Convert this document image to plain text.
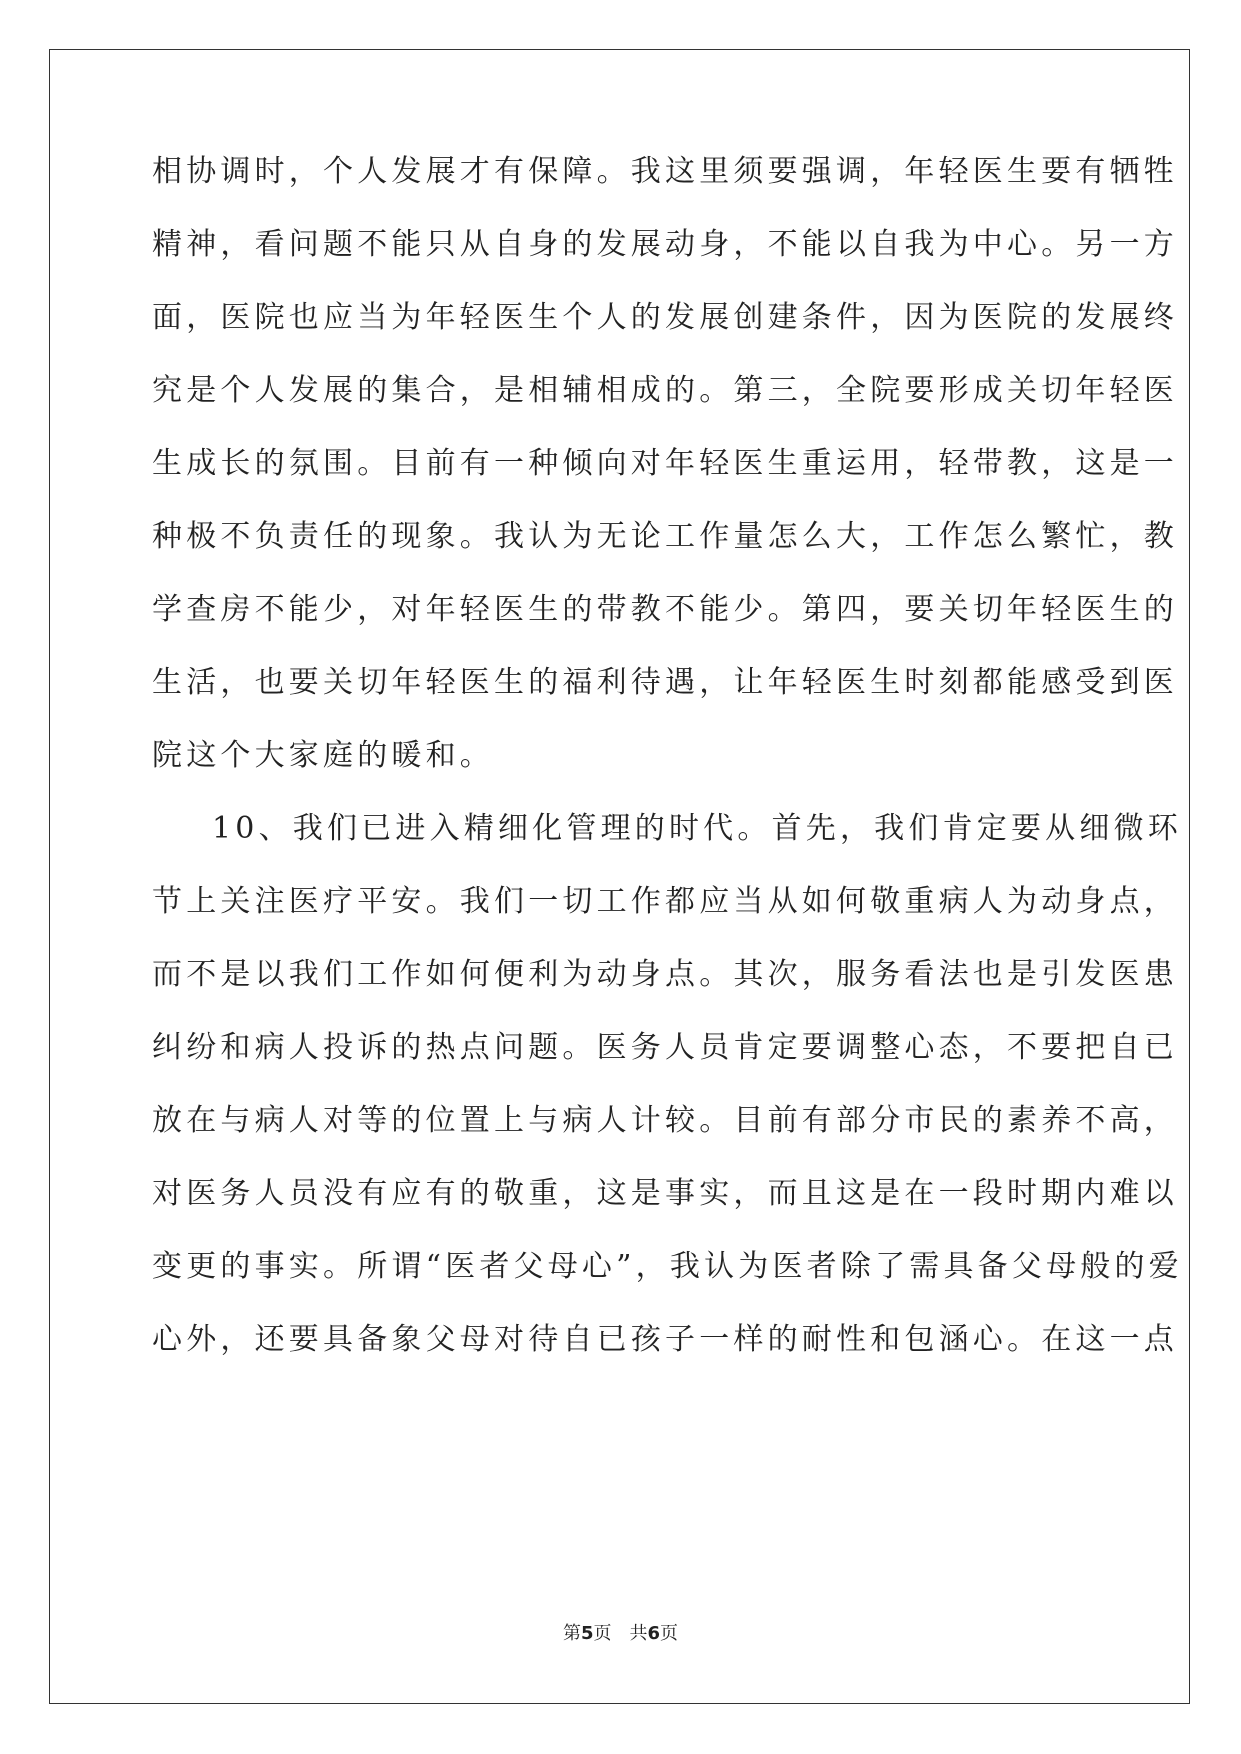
相协调时，个人发展才有保障。我这里须要强调，年轻医生要有牺牲
精神，看问题不能只从自身的发展动身，不能以自我为中心。另一方
面，医院也应当为年轻医生个人的发展创建条件，因为医院的发展终
究是个人发展的集合，是相辅相成的。第三，全院要形成关切年轻医
生成长的氛围。目前有一种倾向对年轻医生重运用，轻带教，这是一
种极不负责任的现象。我认为无论工作量怎么大，工作怎么繁忙，教
学查房不能少，对年轻医生的带教不能少。第四，要关切年轻医生的
生活，也要关切年轻医生的福利待遇，让年轻医生时刻都能感受到医
院这个大家庭的暖和。
10、我们已进入精细化管理的时代。首先，我们肯定要从细微环
节上关注医疗平安。我们一切工作都应当从如何敬重病人为动身点，
而不是以我们工作如何便利为动身点。其次，服务看法也是引发医患
纠纷和病人投诉的热点问题。医务人员肯定要调整心态，不要把自已
放在与病人对等的位置上与病人计较。目前有部分市民的素养不高，
对医务人员没有应有的敬重，这是事实，而且这是在一段时期内难以
变更的事实。所谓“医者父母心”，我认为医者除了需具备父母般的爱
心外，还要具备象父母对待自已孩子一样的耐性和包涵心。在这一点
第5页 共6页
